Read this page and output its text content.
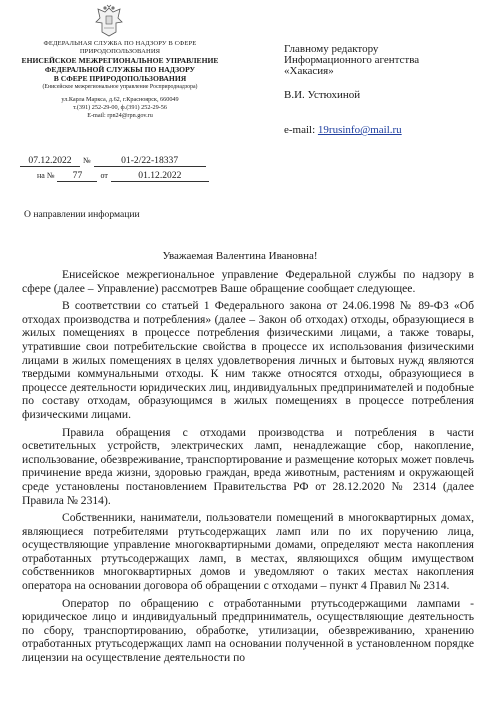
ФЕДЕРАЛЬНАЯ СЛУЖБА ПО НАДЗОРУ В СФЕРЕ
ПРИРОДОПОЛЬЗОВАНИЯ
ЕНИСЕЙСКОЕ МЕЖРЕГИОНАЛЬНОЕ УПРАВЛЕНИЕ
ФЕДЕРАЛЬНОЙ СЛУЖБЫ ПО НАДЗОРУ
В СФЕРЕ ПРИРОДОПОЛЬЗОВАНИЯ
(Енисейское межрегиональное управление Росприроднадзора)
ул.Карла Маркса, д.62, г.Красноярск, 660049
т.(391) 252-29-00, ф.(391) 252-29-56
E-mail: rpn24@rpn.gov.ru
07.12.2022 №	01-2/22-18337
на № 77 от	01.12.2022
Главному редактору
Информационного агентства
«Хакасия»
В.И. Устюхиной
e-mail: 19rusinfo@mail.ru
О направлении информации
Уважаемая Валентина Ивановна!

Енисейское межрегиональное управление Федеральной службы по надзору в сфере (далее – Управление) рассмотрев Ваше обращение сообщает следующее.

В соответствии со статьей 1 Федерального закона от 24.06.1998 № 89-ФЗ «Об отходах производства и потребления» (далее – Закон об отходах) отходы, образующиеся в жилых помещениях в процессе потребления физическими лицами, а также товары, утратившие свои потребительские свойства в процессе их использования физическими лицами в жилых помещениях в целях удовлетворения личных и бытовых нужд являются твердыми коммунальными отходы. К ним также относятся отходы, образующиеся в процессе деятельности юридических лиц, индивидуальных предпринимателей и подобные по составу отходам, образующимся в жилых помещениях в процессе потребления физическими лицами.

Правила обращения с отходами производства и потребления в части осветительных устройств, электрических ламп, ненадлежащие сбор, накопление, использование, обезвреживание, транспортирование и размещение которых может повлечь причинение вреда жизни, здоровью граждан, вреда животным, растениям и окружающей среде установлены постановлением Правительства РФ от 28.12.2020 № 2314 (далее Правила № 2314).

Собственники, наниматели, пользователи помещений в многоквартирных домах, являющиеся потребителями ртутьсодержащих ламп или по их поручению лица, осуществляющие управление многоквартирными домами, определяют места накопления отработанных ртутьсодержащих ламп, в местах, являющихся общим имуществом собственников многоквартирных домов и уведомляют о таких местах накопления оператора на основании договора об обращении с отходами – пункт 4 Правил № 2314.

Оператор по обращению с отработанными ртутьсодержащими лампами - юридическое лицо и индивидуальный предприниматель, осуществляющие деятельность по сбору, транспортированию, обработке, утилизации, обезвреживанию, хранению отработанных ртутьсодержащих ламп на основании полученной в установленном порядке лицензии на осуществление деятельности по
